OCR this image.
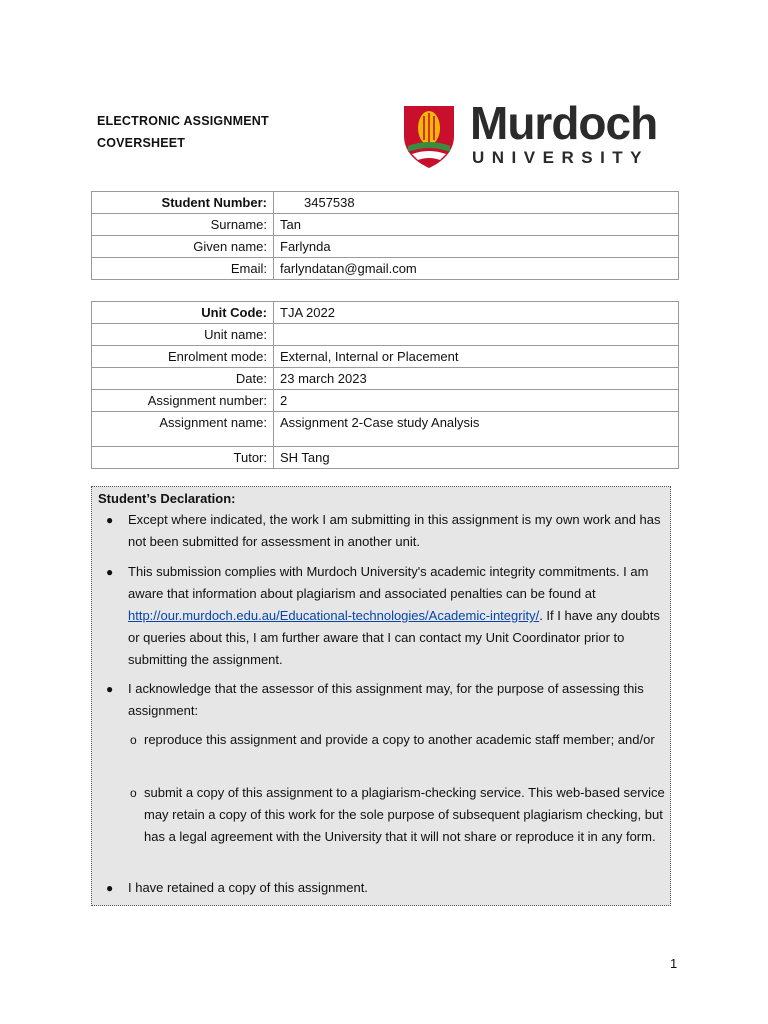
ELECTRONIC ASSIGNMENT
COVERSHEET	Murdoch
UNIVERSITY
Student Number:	3457538
Surname:	Tan
Given name:	Farlynda
Email:	farlyndatan@gmail.com
Unit Code:	TJA 2022
Unit name:	
Enrolment mode:	External, Internal or Placement
Date:	23 march 2023
Assignment number:	2
Assignment name:	Assignment 2-Case study Analysis
Tutor:	SH Tang
Student’s Declaration:
● Except where indicated, the work I am submitting in this assignment is my own work and has not been submitted for assessment in another unit.
● This submission complies with Murdoch University's academic integrity commitments. I am aware that information about plagiarism and associated penalties can be found at http://our.murdoch.edu.au/Educational-technologies/Academic-integrity/. If I have any doubts or queries about this, I am further aware that I can contact my Unit Coordinator prior to submitting the assignment.
● I acknowledge that the assessor of this assignment may, for the purpose of assessing this assignment:
o reproduce this assignment and provide a copy to another academic staff member; and/or
o submit a copy of this assignment to a plagiarism-checking service. This web-based service may retain a copy of this work for the sole purpose of subsequent plagiarism checking, but has a legal agreement with the University that it will not share or reproduce it in any form.
● I have retained a copy of this assignment.
1
